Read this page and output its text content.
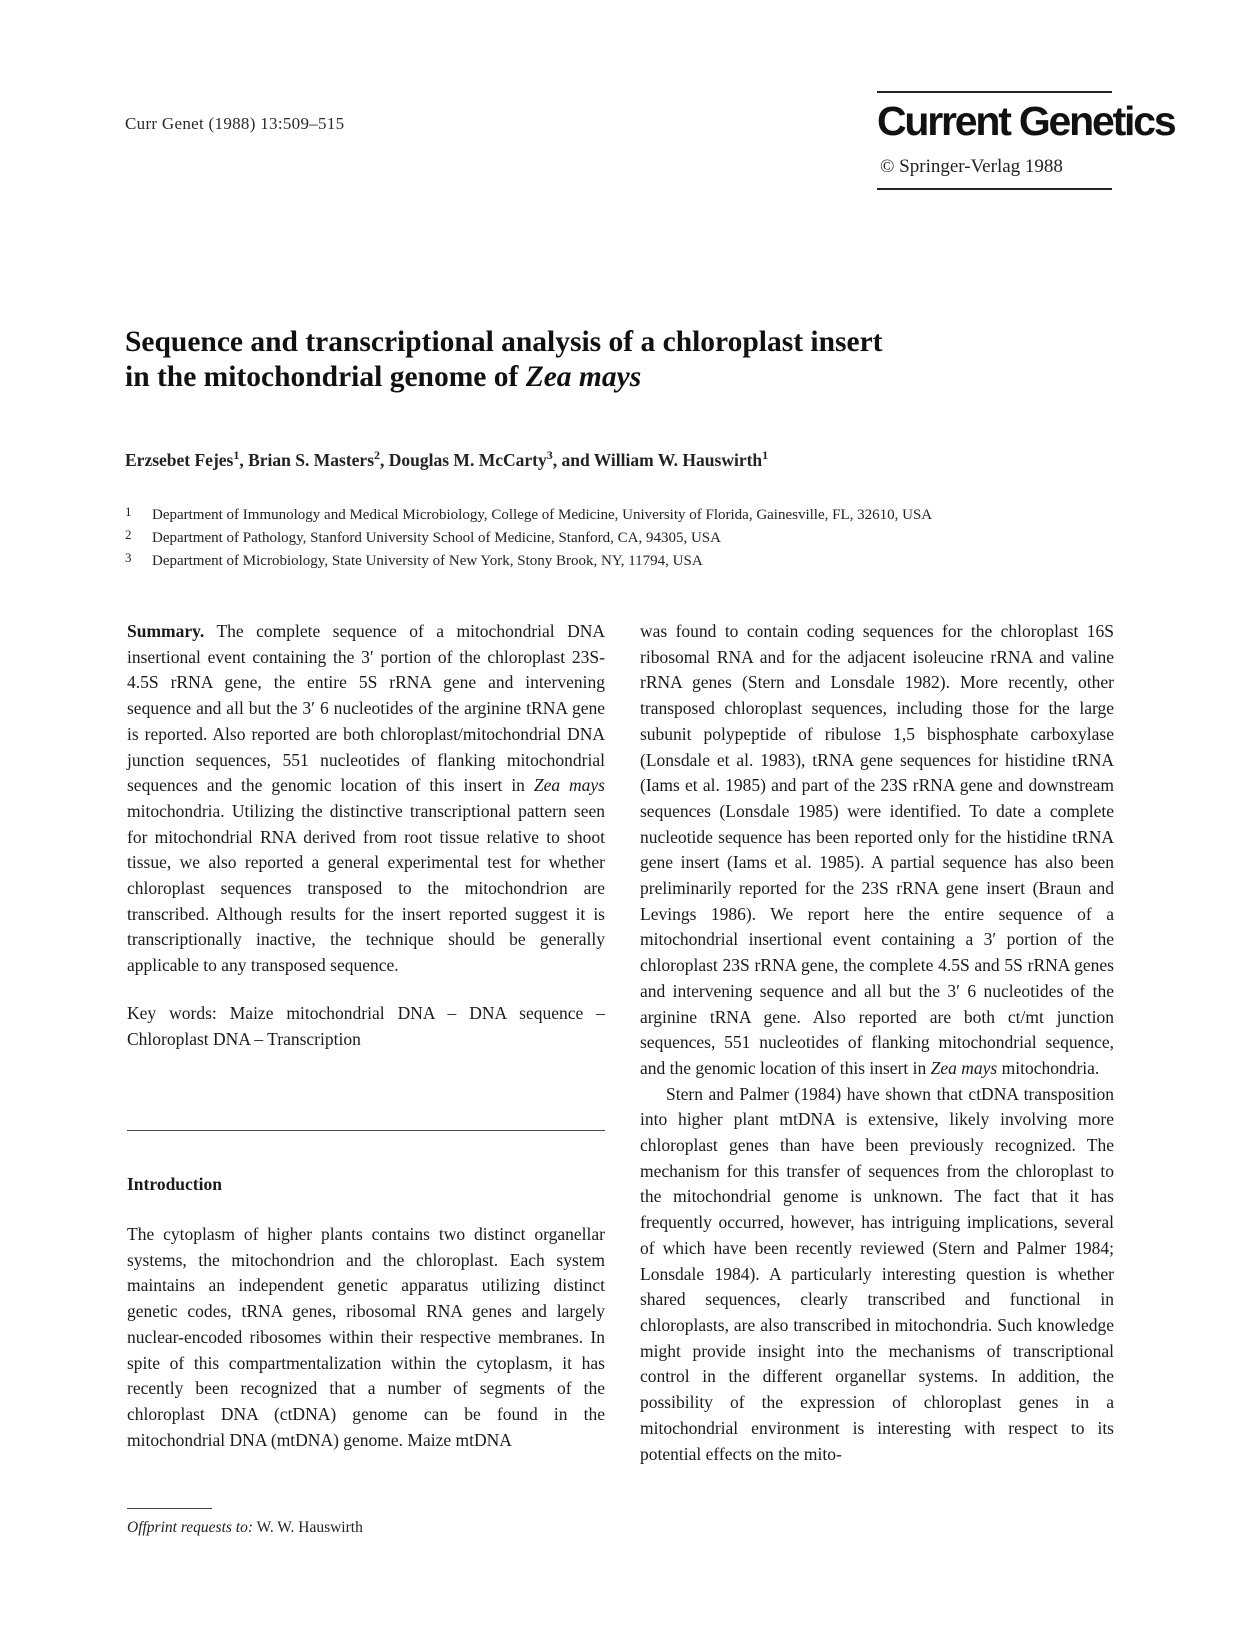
Curr Genet (1988) 13:509–515	Current Genetics
© Springer-Verlag 1988
Sequence and transcriptional analysis of a chloroplast insert
in the mitochondrial genome of Zea mays
Erzsebet Fejes$^1$, Brian S. Masters$^2$, Douglas M. McCarty$^3$, and William W. Hauswirth$^1$
1 Department of Immunology and Medical Microbiology, College of Medicine, University of Florida, Gainesville, FL, 32610, USA
2 Department of Pathology, Stanford University School of Medicine, Stanford, CA, 94305, USA
3 Department of Microbiology, State University of New York, Stony Brook, NY, 11794, USA

Summary. The complete sequence of a mitochondrial DNA insertional event containing the 3′ portion of the chloroplast 23S-4.5S rRNA gene, the entire 5S rRNA gene and intervening sequence and all but the 3′ 6 nucleotides of the arginine tRNA gene is reported. Also reported are both chloroplast/mitochondrial DNA junction sequences, 551 nucleotides of flanking mitochondrial sequences and the genomic location of this insert in Zea mays mitochondria. Utilizing the distinctive transcriptional pattern seen for mitochondrial RNA derived from root tissue relative to shoot tissue, we also reported a general experimental test for whether chloroplast sequences transposed to the mitochondrion are transcribed. Although results for the insert reported suggest it is transcriptionally inactive, the technique should be generally applicable to any transposed sequence.

Key words: Maize mitochondrial DNA – DNA sequence – Chloroplast DNA – Transcription

Introduction

The cytoplasm of higher plants contains two distinct organellar systems, the mitochondrion and the chloroplast. Each system maintains an independent genetic apparatus utilizing distinct genetic codes, tRNA genes, ribosomal RNA genes and largely nuclear-encoded ribosomes within their respective membranes. In spite of this compartmentalization within the cytoplasm, it has recently been recognized that a number of segments of the chloroplast DNA (ctDNA) genome can be found in the mitochondrial DNA (mtDNA) genome. Maize mtDNA

was found to contain coding sequences for the chloroplast 16S ribosomal RNA and for the adjacent isoleucine rRNA and valine rRNA genes (Stern and Lonsdale 1982). More recently, other transposed chloroplast sequences, including those for the large subunit polypeptide of ribulose 1,5 bisphosphate carboxylase (Lonsdale et al. 1983), tRNA gene sequences for histidine tRNA (Iams et al. 1985) and part of the 23S rRNA gene and downstream sequences (Lonsdale 1985) were identified. To date a complete nucleotide sequence has been reported only for the histidine tRNA gene insert (Iams et al. 1985). A partial sequence has also been preliminarily reported for the 23S rRNA gene insert (Braun and Levings 1986). We report here the entire sequence of a mitochondrial insertional event containing a 3′ portion of the chloroplast 23S rRNA gene, the complete 4.5S and 5S rRNA genes and intervening sequence and all but the 3′ 6 nucleotides of the arginine tRNA gene. Also reported are both ct/mt junction sequences, 551 nucleotides of flanking mitochondrial sequence, and the genomic location of this insert in Zea mays mitochondria.

Stern and Palmer (1984) have shown that ctDNA transposition into higher plant mtDNA is extensive, likely involving more chloroplast genes than have been previously recognized. The mechanism for this transfer of sequences from the chloroplast to the mitochondrial genome is unknown. The fact that it has frequently occurred, however, has intriguing implications, several of which have been recently reviewed (Stern and Palmer 1984; Lonsdale 1984). A particularly interesting question is whether shared sequences, clearly transcribed and functional in chloroplasts, are also transcribed in mitochondria. Such knowledge might provide insight into the mechanisms of transcriptional control in the different organellar systems. In addition, the possibility of the expression of chloroplast genes in a mitochondrial environment is interesting with respect to its potential effects on the mito-

Offprint requests to: W. W. Hauswirth
